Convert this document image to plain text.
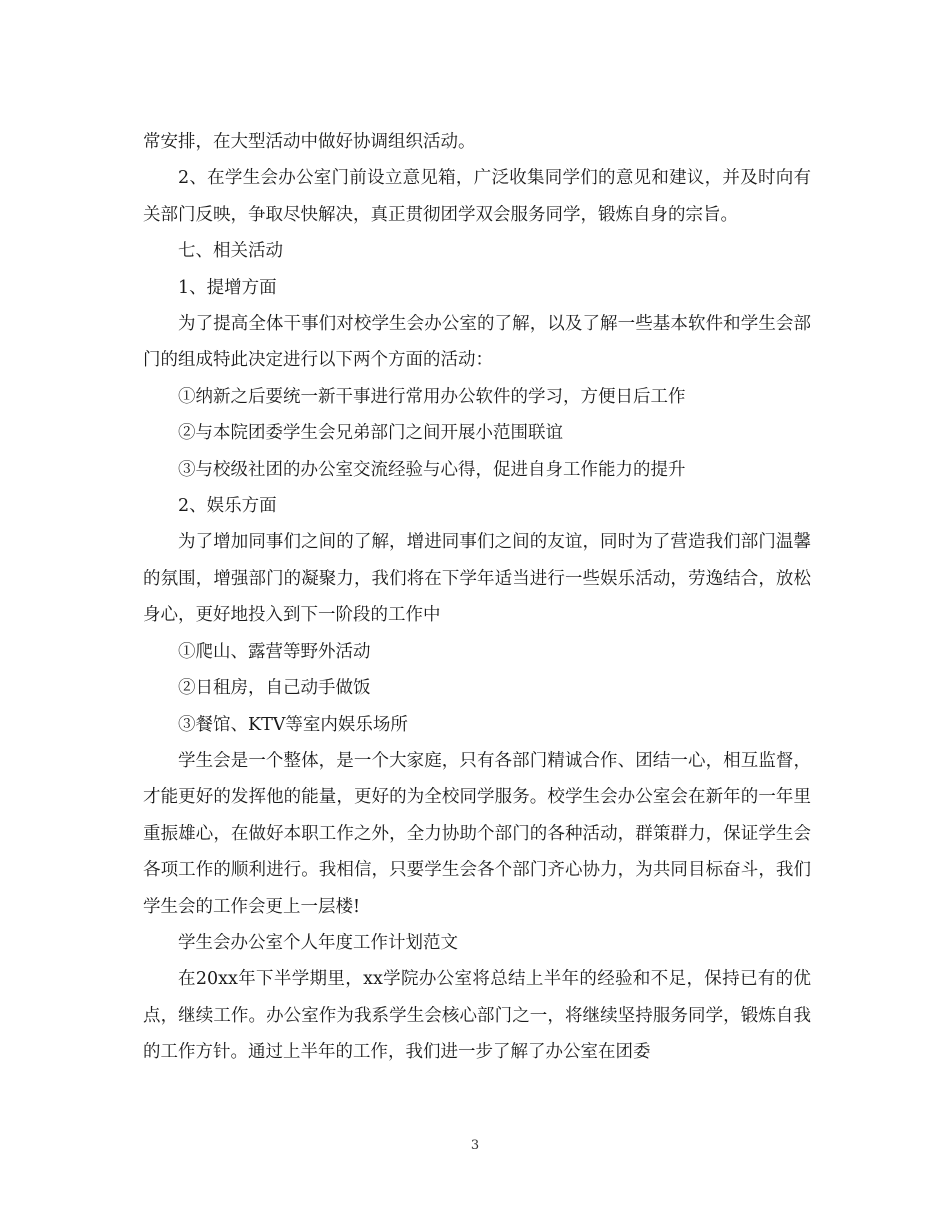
常安排，在大型活动中做好协调组织活动。

2、在学生会办公室门前设立意见箱，广泛收集同学们的意见和建议，并及时向有关部门反映，争取尽快解决，真正贯彻团学双会服务同学，锻炼自身的宗旨。

七、相关活动

1、提增方面

为了提高全体干事们对校学生会办公室的了解，以及了解一些基本软件和学生会部门的组成特此决定进行以下两个方面的活动：

①纳新之后要统一新干事进行常用办公软件的学习，方便日后工作

②与本院团委学生会兄弟部门之间开展小范围联谊

③与校级社团的办公室交流经验与心得，促进自身工作能力的提升

2、娱乐方面

为了增加同事们之间的了解，增进同事们之间的友谊，同时为了营造我们部门温馨的氛围，增强部门的凝聚力，我们将在下学年适当进行一些娱乐活动，劳逸结合，放松身心，更好地投入到下一阶段的工作中

①爬山、露营等野外活动

②日租房，自己动手做饭

③餐馆、KTV等室内娱乐场所

学生会是一个整体，是一个大家庭，只有各部门精诚合作、团结一心，相互监督，才能更好的发挥他的能量，更好的为全校同学服务。校学生会办公室会在新年的一年里重振雄心，在做好本职工作之外，全力协助个部门的各种活动，群策群力，保证学生会各项工作的顺利进行。我相信，只要学生会各个部门齐心协力，为共同目标奋斗，我们学生会的工作会更上一层楼!

学生会办公室个人年度工作计划范文

在20xx年下半学期里，xx学院办公室将总结上半年的经验和不足，保持已有的优点，继续工作。办公室作为我系学生会核心部门之一，将继续坚持服务同学，锻炼自我的工作方针。通过上半年的工作，我们进一步了解了办公室在团委

3
